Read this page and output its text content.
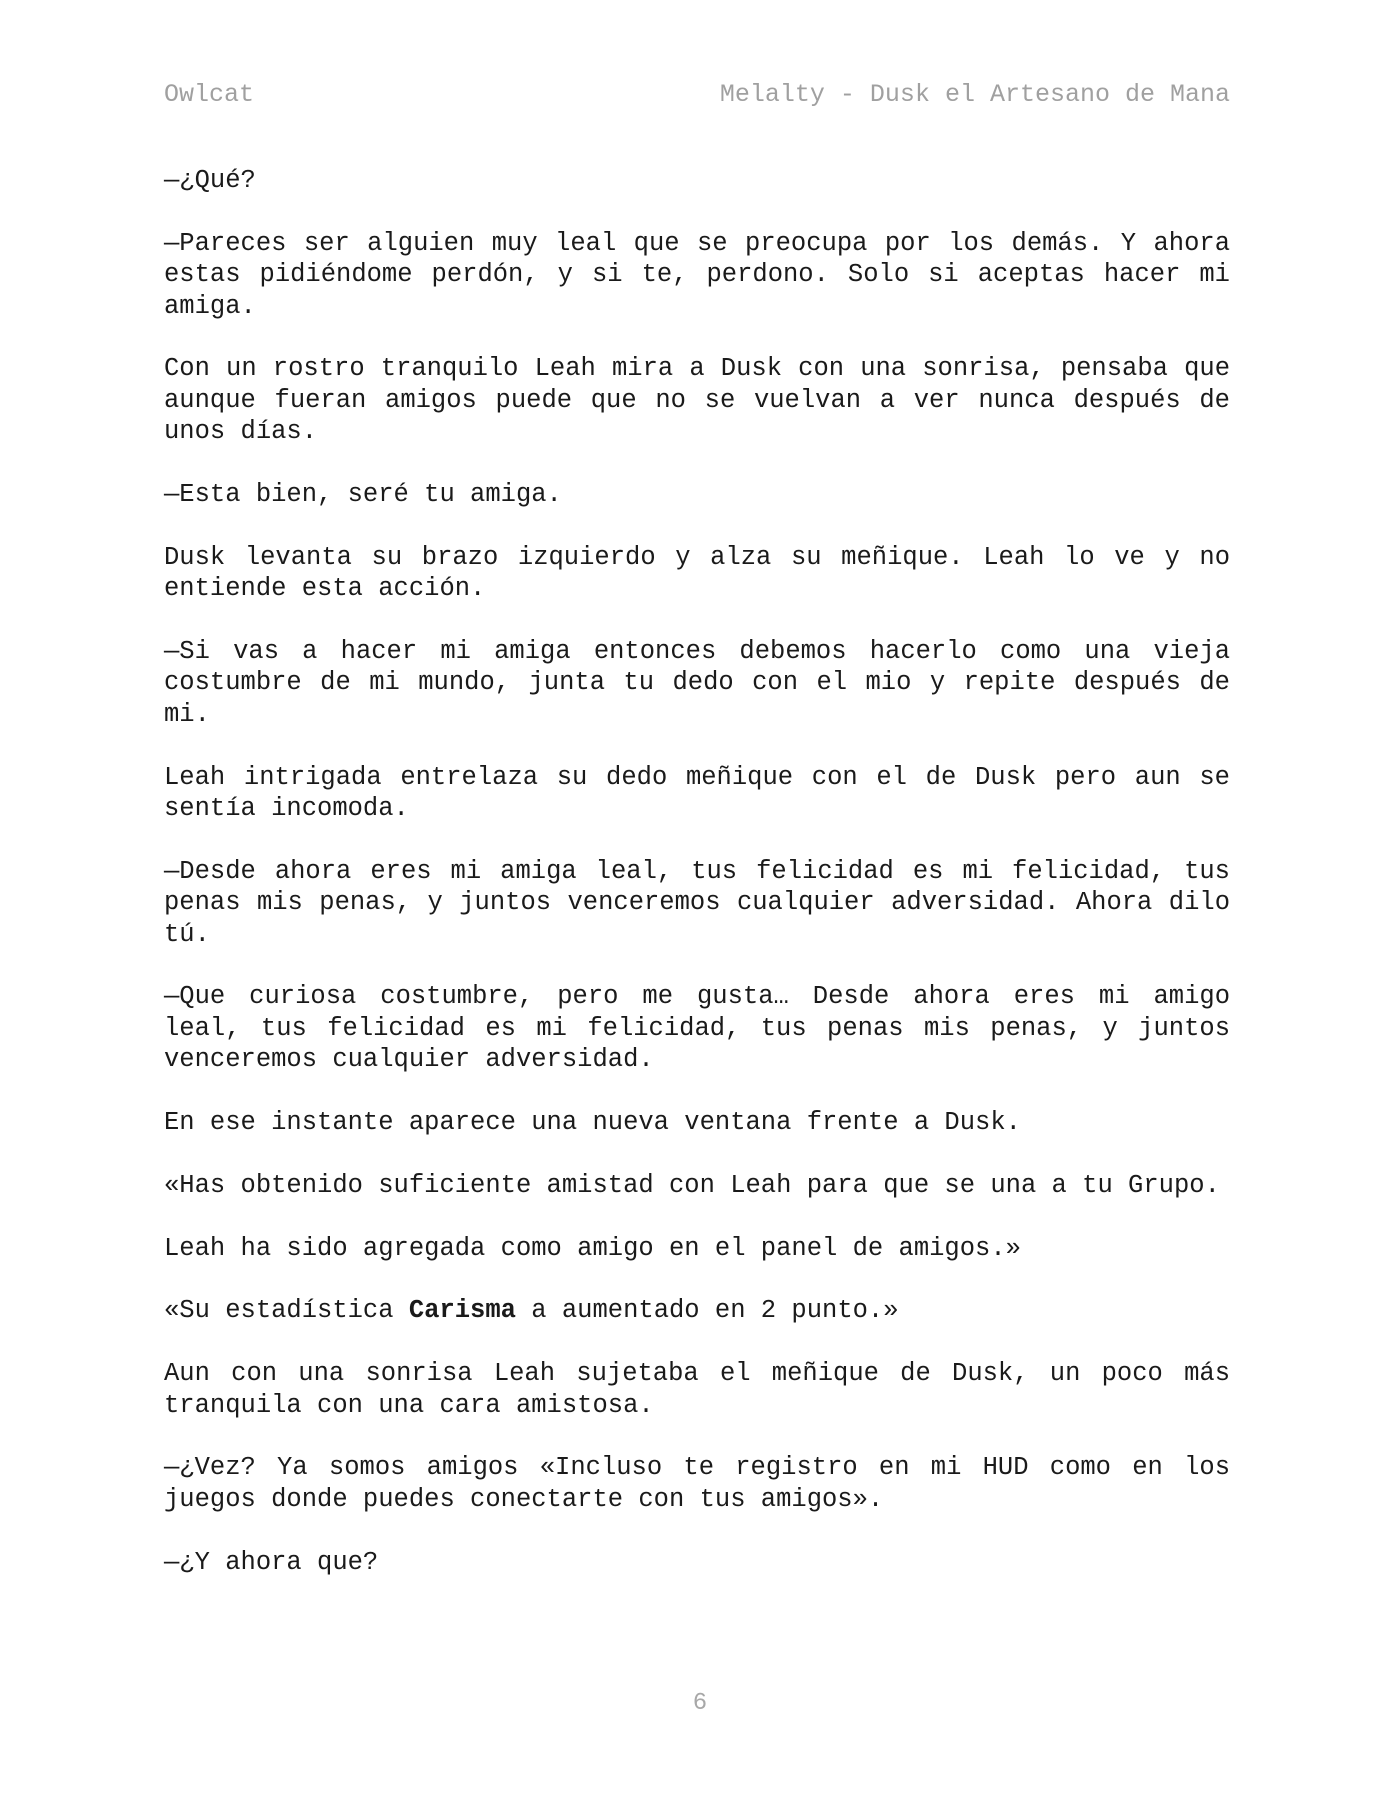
Owlcat	Melalty - Dusk el Artesano de Mana

—¿Qué?

—Pareces ser alguien muy leal que se preocupa por los demás. Y ahora estas pidiéndome perdón, y si te, perdono. Solo si aceptas hacer mi amiga.

Con un rostro tranquilo Leah mira a Dusk con una sonrisa, pensaba que aunque fueran amigos puede que no se vuelvan a ver nunca después de unos días.

—Esta bien, seré tu amiga.

Dusk levanta su brazo izquierdo y alza su meñique. Leah lo ve y no entiende esta acción.

—Si vas a hacer mi amiga entonces debemos hacerlo como una vieja costumbre de mi mundo, junta tu dedo con el mio y repite después de mi.

Leah intrigada entrelaza su dedo meñique con el de Dusk pero aun se sentía incomoda.

—Desde ahora eres mi amiga leal, tus felicidad es mi felicidad, tus penas mis penas, y juntos venceremos cualquier adversidad. Ahora dilo tú.

—Que curiosa costumbre, pero me gusta… Desde ahora eres mi amigo leal, tus felicidad es mi felicidad, tus penas mis penas, y juntos venceremos cualquier adversidad.

En ese instante aparece una nueva ventana frente a Dusk.

«Has obtenido suficiente amistad con Leah para que se una a tu Grupo.

Leah ha sido agregada como amigo en el panel de amigos.»

«Su estadística Carisma a aumentado en 2 punto.»

Aun con una sonrisa Leah sujetaba el meñique de Dusk, un poco más tranquila con una cara amistosa.

—¿Vez? Ya somos amigos «Incluso te registro en mi HUD como en los juegos donde puedes conectarte con tus amigos».

—¿Y ahora que?

6
